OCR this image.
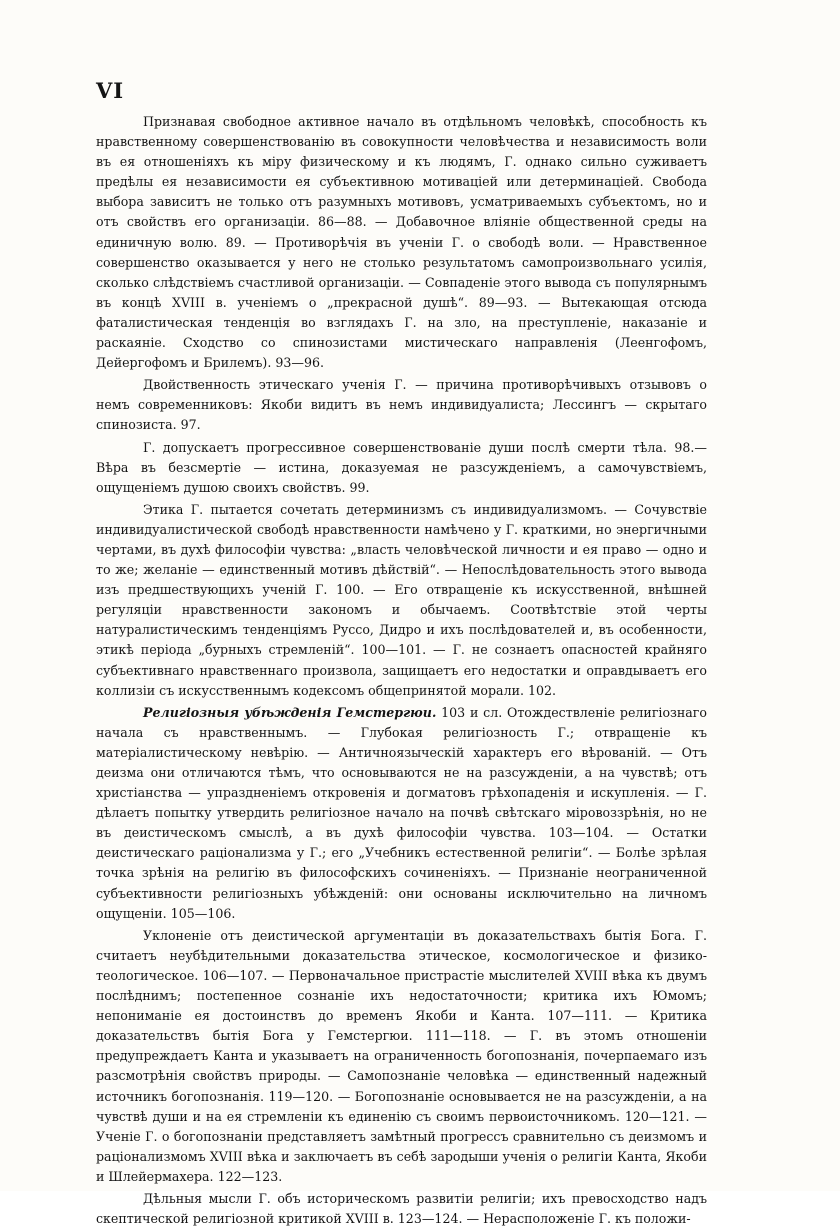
VI

Признавая свободное активное начало въ отдѣльномъ человѣкѣ, способность къ нравственному совершенствованію въ совокупности человѣчества и независимость воли въ ея отношеніяхъ къ міру физическому и къ людямъ, Г. однако сильно суживаетъ предѣлы ея независимости ея субъективною мотиваціей или детерминаціей. Свобода выбора зависитъ не только отъ разумныхъ мотивовъ, усматриваемыхъ субъектомъ, но и отъ свойствъ его организаціи. 86—88. — Добавочное вліяніе общественной среды на единичную волю. 89. — Противорѣчія въ ученіи Г. о свободѣ воли. — Нравственное совершенство оказывается у него не столько результатомъ самопроизвольнаго усилія, сколько слѣдствіемъ счастливой организаціи. — Совпаденіе этого вывода съ популярнымъ въ концѣ XVIII в. ученіемъ о „прекрасной душѣ“. 89—93. — Вытекающая отсюда фаталистическая тенденція во взглядахъ Г. на зло, на преступленіе, наказаніе и раскаяніе. Сходство со спинозистами мистическаго направленія (Леенгофомъ, Дейергофомъ и Брилемъ). 93—96.

Двойственность этическаго ученія Г. — причина противорѣчивыхъ отзывовъ о немъ современниковъ: Якоби видитъ въ немъ индивидуалиста; Лессингъ — скрытаго спинозиста. 97.

Г. допускаетъ прогрессивное совершенствованіе души послѣ смерти тѣла. 98.— Вѣра въ безсмертіе — истина, доказуемая не разсужденіемъ, а самочувствіемъ, ощущеніемъ душою своихъ свойствъ. 99.

Этика Г. пытается сочетать детерминизмъ съ индивидуализмомъ. — Сочувствіе индивидуалистической свободѣ нравственности намѣчено у Г. краткими, но энергичными чертами, въ духѣ философіи чувства: „власть человѣческой личности и ея право — одно и то же; желаніе — единственный мотивъ дѣйствій“. — Непослѣдовательность этого вывода изъ предшествующихъ ученій Г. 100. — Его отвращеніе къ искусственной, внѣшней регуляціи нравственности закономъ и обычаемъ. Соотвѣтствіе этой черты натуралистическимъ тенденціямъ Руссо, Дидро и ихъ послѣдователей и, въ особенности, этикѣ періода „бурныхъ стремленій“. 100—101. — Г. не сознаетъ опасностей крайняго субъективнаго нравственнаго произвола, защищаетъ его недостатки и оправдываетъ его коллизіи съ искусственнымъ кодексомъ общепринятой морали. 102.

Религіозныя убѣжденія Гемстергюи. 103 и сл. Отождествленіе религіознаго начала съ нравственнымъ. — Глубокая религіозность Г.; отвращеніе къ матеріалистическому невѣрію. — Античноязыческій характеръ его вѣрованій. — Отъ деизма они отличаются тѣмъ, что основываются не на разсужденіи, а на чувствѣ; отъ христіанства — упраздненіемъ откровенія и догматовъ грѣхопаденія и искупленія. — Г. дѣлаетъ попытку утвердить религіозное начало на почвѣ свѣтскаго міровоззрѣнія, но не въ деистическомъ смыслѣ, а въ духѣ философіи чувства. 103—104. — Остатки деистическаго раціонализма у Г.; его „Учебникъ естественной религіи“. — Болѣе зрѣлая точка зрѣнія на религію въ философскихъ сочиненіяхъ. — Признаніе неограниченной субъективности религіозныхъ убѣжденій: они основаны исключительно на личномъ ощущеніи. 105—106.

Уклоненіе отъ деистической аргументаціи въ доказательствахъ бытія Бога. Г. считаетъ неубѣдительными доказательства этическое, космологическое и физико-теологическое. 106—107. — Первоначальное пристрастіе мыслителей XVIII вѣка къ двумъ послѣднимъ; постепенное сознаніе ихъ недостаточности; критика ихъ Юмомъ; непониманіе ея достоинствъ до временъ Якоби и Канта. 107—111. — Критика доказательствъ бытія Бога у Гемстергюи. 111—118. — Г. въ этомъ отношеніи предупреждаетъ Канта и указываетъ на ограниченность богопознанія, почерпаемаго изъ разсмотрѣнія свойствъ природы. — Самопознаніе человѣка — единственный надежный источникъ богопознанія. 119—120. — Богопознаніе основывается не на разсужденіи, а на чувствѣ души и на ея стремленіи къ единенію съ своимъ первоисточникомъ. 120—121. — Ученіе Г. о богопознаніи представляетъ замѣтный прогрессъ сравнительно съ деизмомъ и раціонализмомъ XVIII вѣка и заключаетъ въ себѣ зародыши ученія о религіи Канта, Якоби и Шлейермахера. 122—123.

Дѣльныя мысли Г. объ историческомъ развитіи религіи; ихъ превосходство надъ скептической религіозной критикой XVIII в. 123—124. — Нерасположеніе Г. къ положи-
